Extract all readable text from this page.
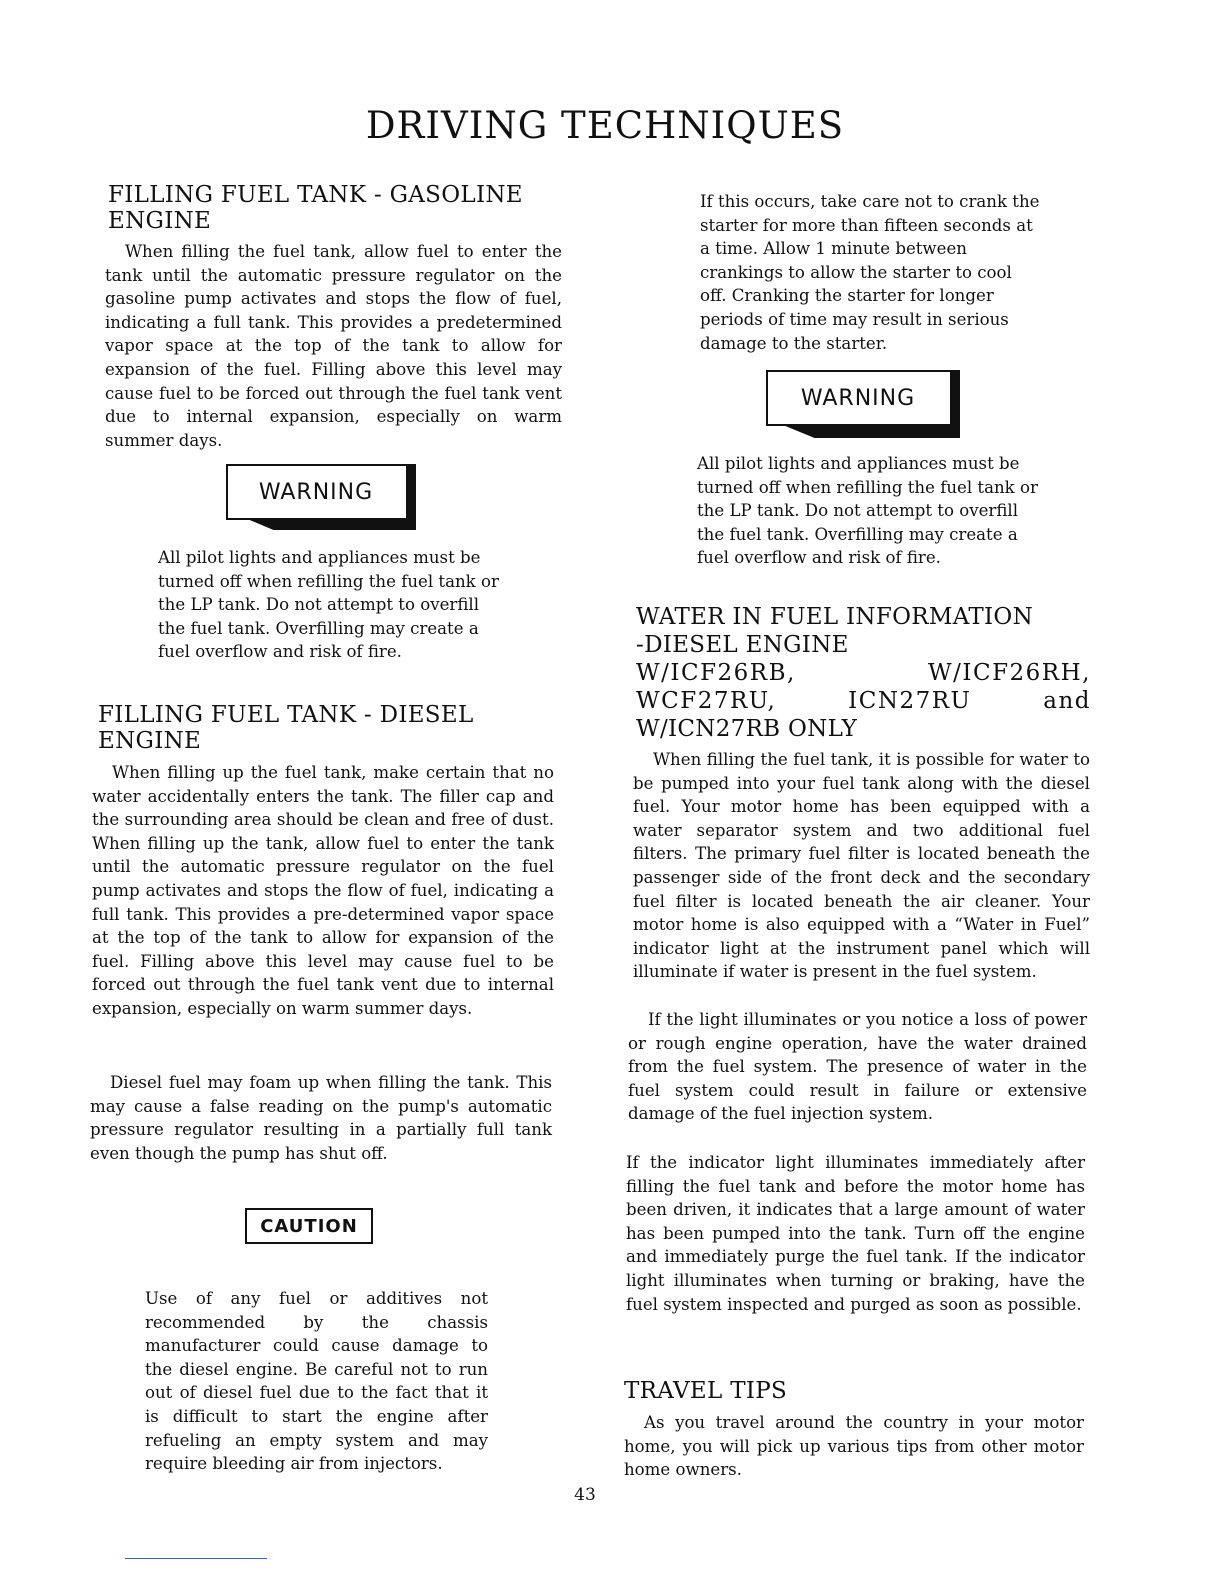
DRIVING TECHNIQUES
FILLING FUEL TANK - GASOLINE ENGINE

When filling the fuel tank, allow fuel to enter the tank until the automatic pressure regulator on the gasoline pump activates and stops the flow of fuel, indicating a full tank. This provides a predetermined vapor space at the top of the tank to allow for expansion of the fuel. Filling above this level may cause fuel to be forced out through the fuel tank vent due to internal expansion, especially on warm summer days.

WARNING

All pilot lights and appliances must be turned off when refilling the fuel tank or the LP tank. Do not attempt to overfill the fuel tank. Overfilling may create a fuel overflow and risk of fire.

FILLING FUEL TANK - DIESEL ENGINE

When filling up the fuel tank, make certain that no water accidentally enters the tank. The filler cap and the surrounding area should be clean and free of dust. When filling up the tank, allow fuel to enter the tank until the automatic pressure regulator on the fuel pump activates and stops the flow of fuel, indicating a full tank. This provides a pre-determined vapor space at the top of the tank to allow for expansion of the fuel. Filling above this level may cause fuel to be forced out through the fuel tank vent due to internal expansion, especially on warm summer days.

Diesel fuel may foam up when filling the tank. This may cause a false reading on the pump's automatic pressure regulator resulting in a partially full tank even though the pump has shut off.

CAUTION

Use of any fuel or additives not recommended by the chassis manufacturer could cause damage to the diesel engine. Be careful not to run out of diesel fuel due to the fact that it is difficult to start the engine after refueling an empty system and may require bleeding air from injectors.

If this occurs, take care not to crank the starter for more than fifteen seconds at a time. Allow 1 minute between crankings to allow the starter to cool off. Cranking the starter for longer periods of time may result in serious damage to the starter.

WARNING

All pilot lights and appliances must be turned off when refilling the fuel tank or the LP tank. Do not attempt to overfill the fuel tank. Overfilling may create a fuel overflow and risk of fire.

WATER IN FUEL INFORMATION
-DIESEL ENGINE
W/ICF26RB, W/ICF26RH,
WCF27RU, ICN27RU and
W/ICN27RB ONLY

When filling the fuel tank, it is possible for water to be pumped into your fuel tank along with the diesel fuel. Your motor home has been equipped with a water separator system and two additional fuel filters. The primary fuel filter is located beneath the passenger side of the front deck and the secondary fuel filter is located beneath the air cleaner. Your motor home is also equipped with a “Water in Fuel” indicator light at the instrument panel which will illuminate if water is present in the fuel system.

If the light illuminates or you notice a loss of power or rough engine operation, have the water drained from the fuel system. The presence of water in the fuel system could result in failure or extensive damage of the fuel injection system.

If the indicator light illuminates immediately after filling the fuel tank and before the motor home has been driven, it indicates that a large amount of water has been pumped into the tank. Turn off the engine and immediately purge the fuel tank. If the indicator light illuminates when turning or braking, have the fuel system inspected and purged as soon as possible.

TRAVEL TIPS

As you travel around the country in your motor home, you will pick up various tips from other motor home owners.

43
